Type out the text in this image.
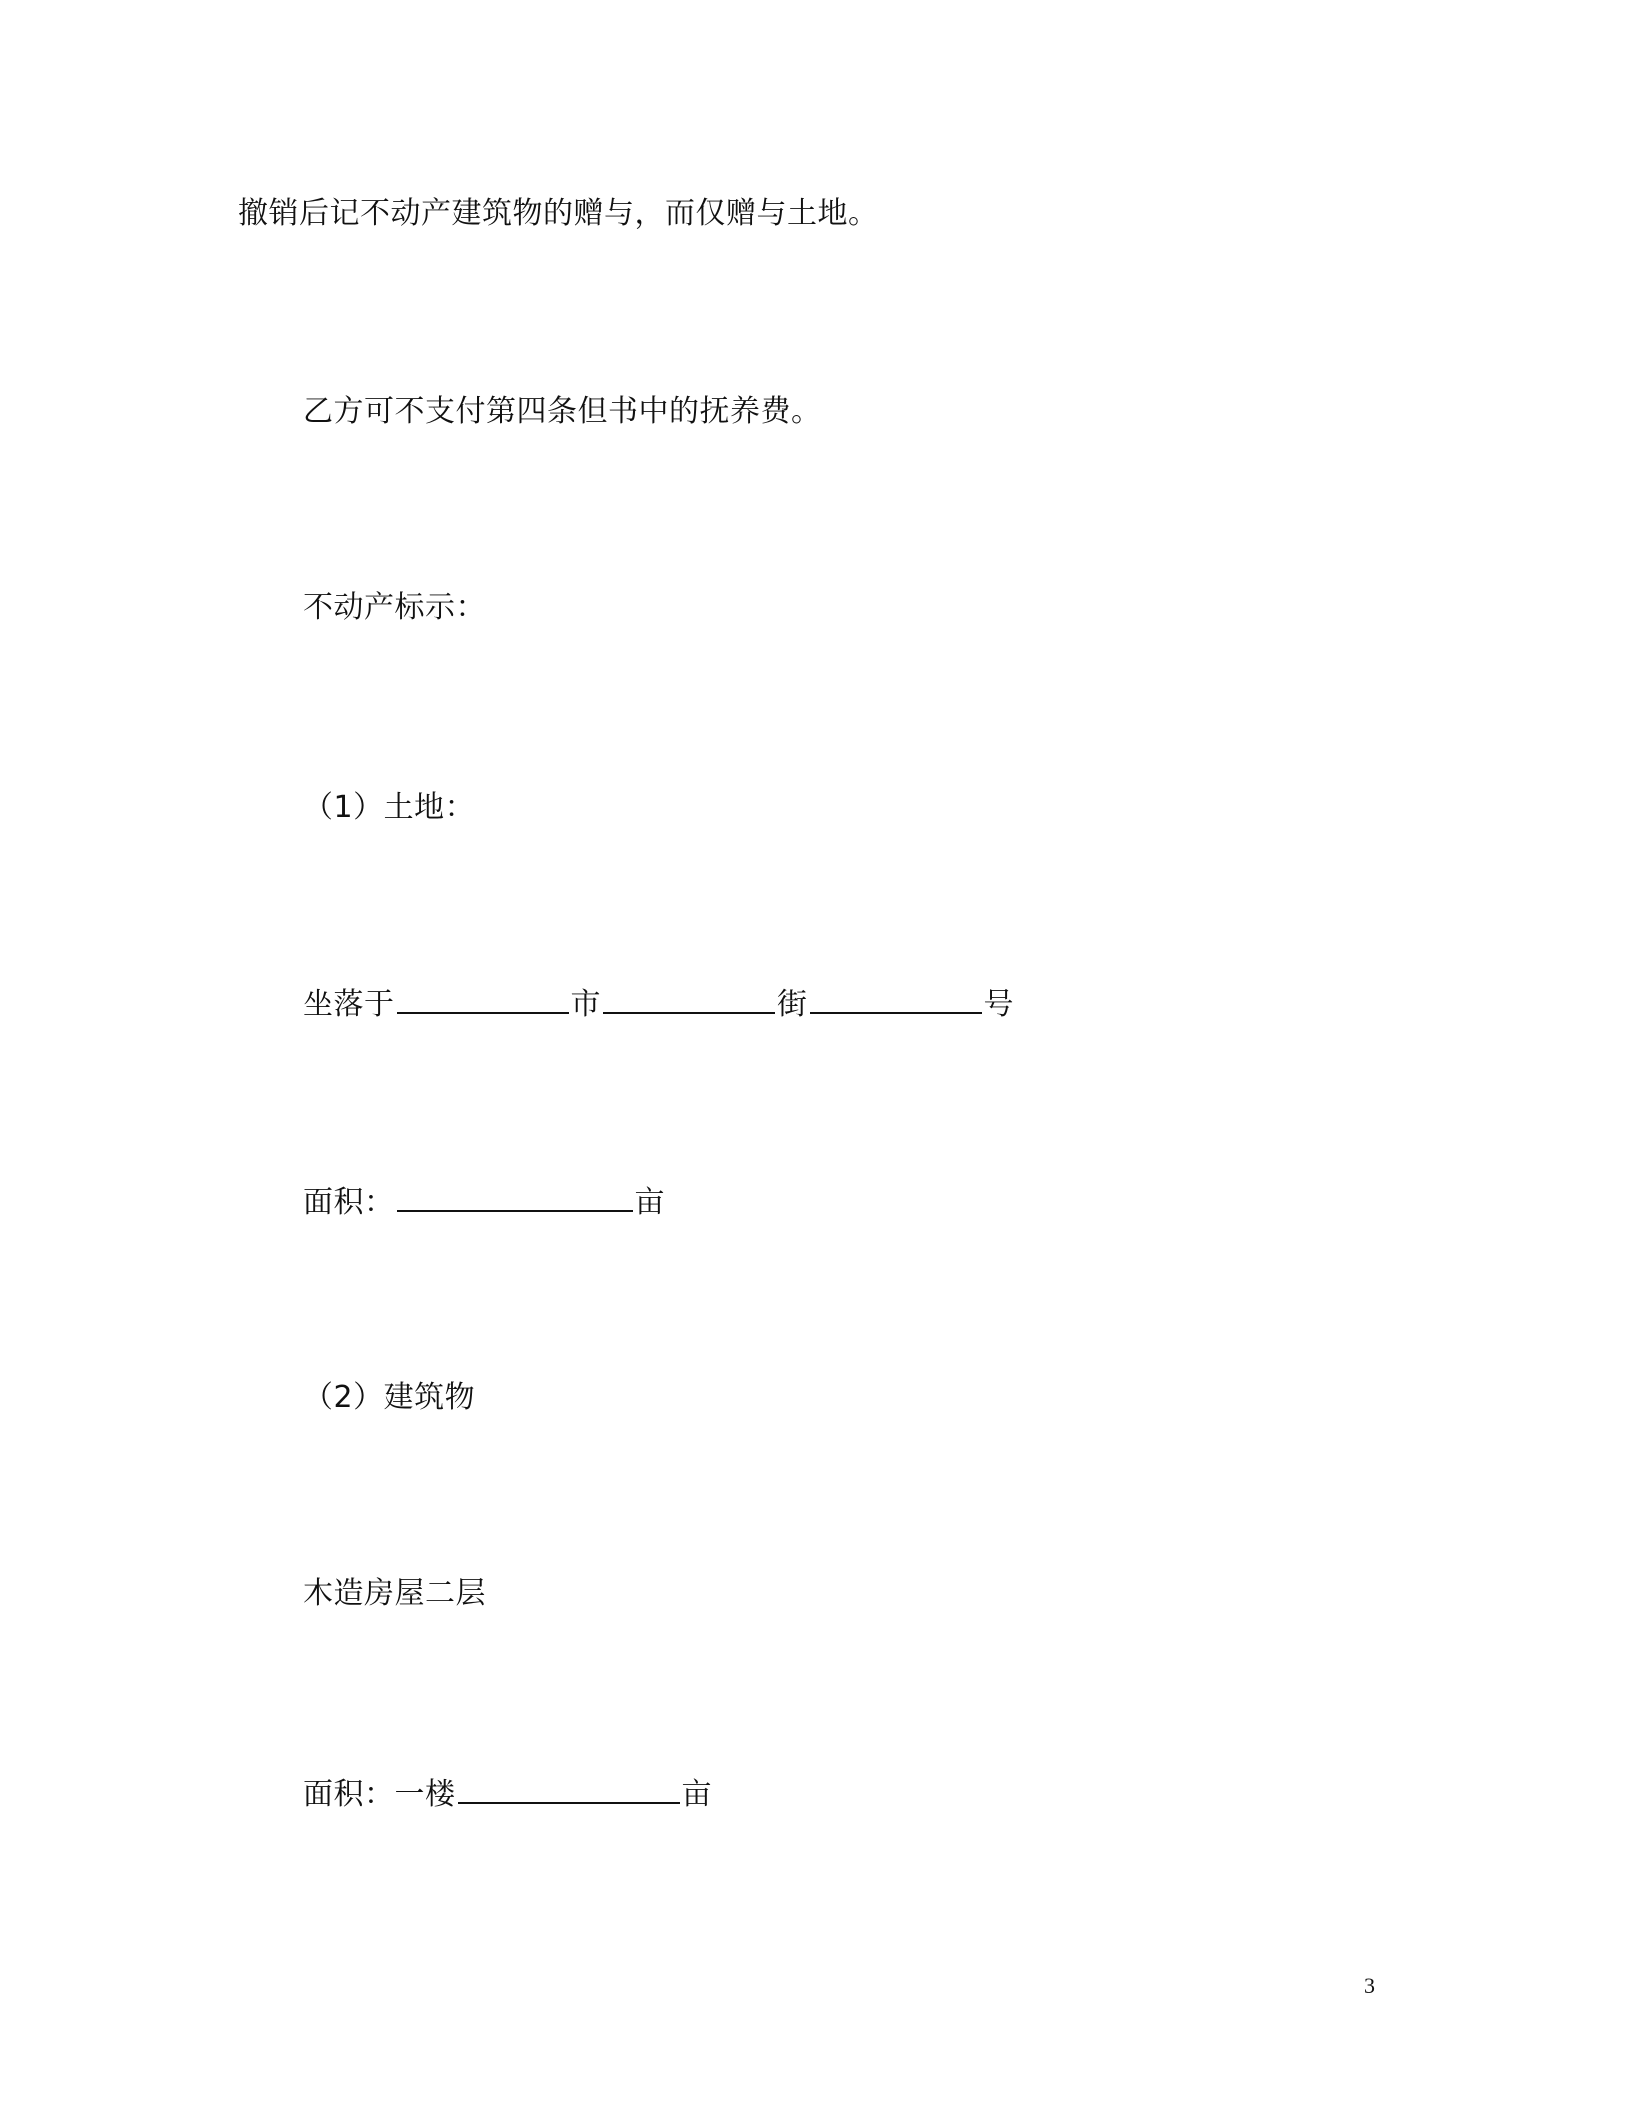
撤销后记不动产建筑物的赠与，而仅赠与土地。
乙方可不支付第四条但书中的抚养费。
不动产标示：
（1）土地：
坐落于	市	街	号
面积：	亩
（2）建筑物
木造房屋二层
面积：一楼	亩
3
